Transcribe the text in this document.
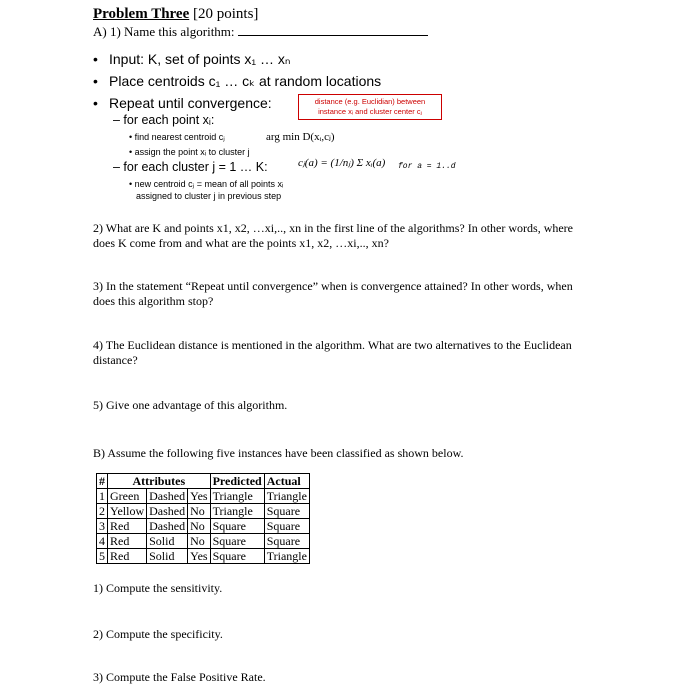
Problem Three [20 points]
A) 1) Name this algorithm:
• Input: K, set of points x₁ … xₙ
• Place centroids c₁ … cₖ at random locations
• Repeat until convergence:	distance (e.g. Euclidian) between instance xᵢ and cluster center cⱼ
– for each point xᵢ:
• find nearest centroid cⱼ	arg min D(xᵢ,cⱼ)
• assign the point xᵢ to cluster j
– for each cluster j = 1 … K:	cⱼ(a) = (1/nⱼ) Σ xᵢ(a) for a = 1..d
• new centroid cⱼ = mean of all points xᵢ
assigned to cluster j in previous step
2) What are K and points x1, x2, …xi,.., xn in the first line of the algorithms? In other words, where does K come from and what are the points x1, x2, …xi,.., xn?
3) In the statement “Repeat until convergence” when is convergence attained? In other words, when does this algorithm stop?
4) The Euclidean distance is mentioned in the algorithm. What are two alternatives to the Euclidean distance?
5) Give one advantage of this algorithm.
B) Assume the following five instances have been classified as shown below.
#	Attributes			Predicted	Actual
1	Green	Dashed	Yes	Triangle	Triangle
2	Yellow	Dashed	No	Triangle	Square
3	Red	Dashed	No	Square	Square
4	Red	Solid	No	Square	Square
5	Red	Solid	Yes	Square	Triangle
1) Compute the sensitivity.
2) Compute the specificity.
3) Compute the False Positive Rate.
